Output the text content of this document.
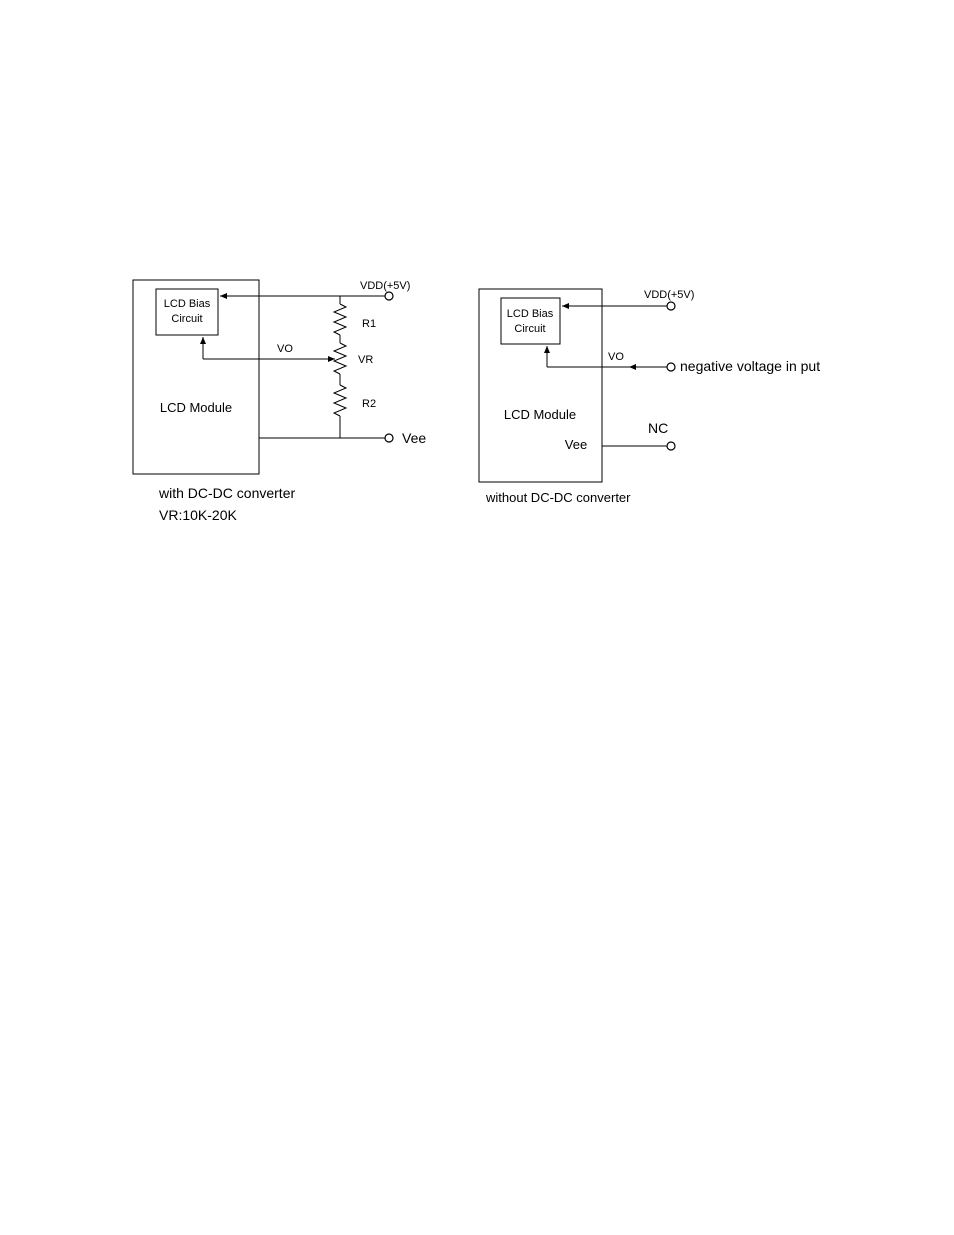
LCD Bias
Circuit
LCD Module
VDD(+5V)
R1
VR
R2
VO
Vee
with DC-DC converter
VR:10K-20K
LCD Bias
Circuit
LCD Module
Vee
VDD(+5V)
VO
negative voltage in put
NC
without DC-DC converter
